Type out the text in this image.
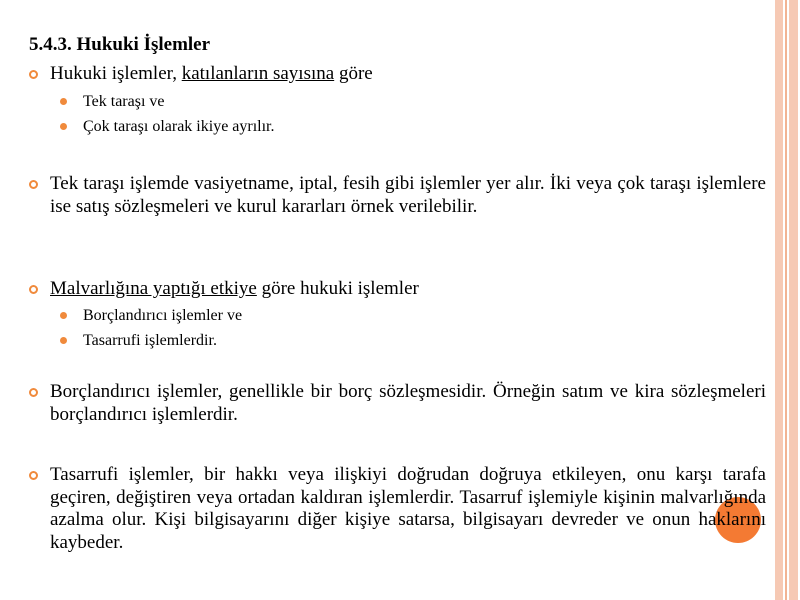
5.4.3. Hukuki İşlemler
Hukuki işlemler, katılanların sayısına göre
Tek taraşı ve
Çok taraşı olarak ikiye ayrılır.
Tek taraşı işlemde vasiyetname, iptal, fesih gibi işlemler yer alır. İki veya çok taraşı işlemlere ise satış sözleşmeleri ve kurul kararları örnek verilebilir.
Malvarlığına yaptığı etkiye göre hukuki işlemler
Borçlandırıcı işlemler ve
Tasarrufi işlemlerdir.
Borçlandırıcı işlemler, genellikle bir borç sözleşmesidir. Örneğin satım ve kira sözleşmeleri borçlandırıcı işlemlerdir.
Tasarrufi işlemler, bir hakkı veya ilişkiyi doğrudan doğruya etkileyen, onu karşı tarafa geçiren, değiştiren veya ortadan kaldıran işlemlerdir. Tasarruf işlemiyle kişinin malvarlığında azalma olur. Kişi bilgisayarını diğer kişiye satarsa, bilgisayarı devreder ve onun haklarını kaybeder.
